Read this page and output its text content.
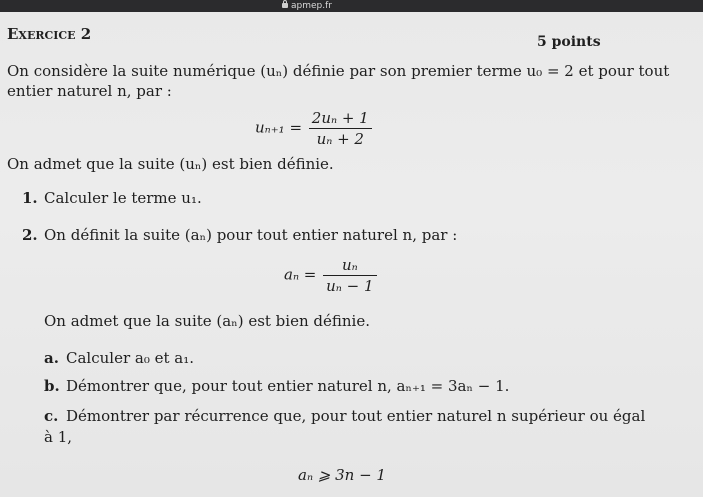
apmep.fr
Exercice 2	5 points
On considère la suite numérique (uₙ) définie par son premier terme u₀ = 2 et pour tout
entier naturel n, par :
$u_{n+1} = \frac{\text{2uₙ + 1}}{\text{uₙ + 2}}$
On admet que la suite (uₙ) est bien définie.
1. Calculer le terme u₁.
2. On définit la suite (aₙ) pour tout entier naturel n, par :
$a_n = \frac{\text{uₙ}}{\text{uₙ − 1}}$
On admet que la suite (aₙ) est bien définie.
a. Calculer a₀ et a₁.
b. Démontrer que, pour tout entier naturel n, aₙ₊₁ = 3aₙ − 1.
c. Démontrer par récurrence que, pour tout entier naturel n supérieur ou égal
à 1,
aₙ ⩾ 3n − 1
